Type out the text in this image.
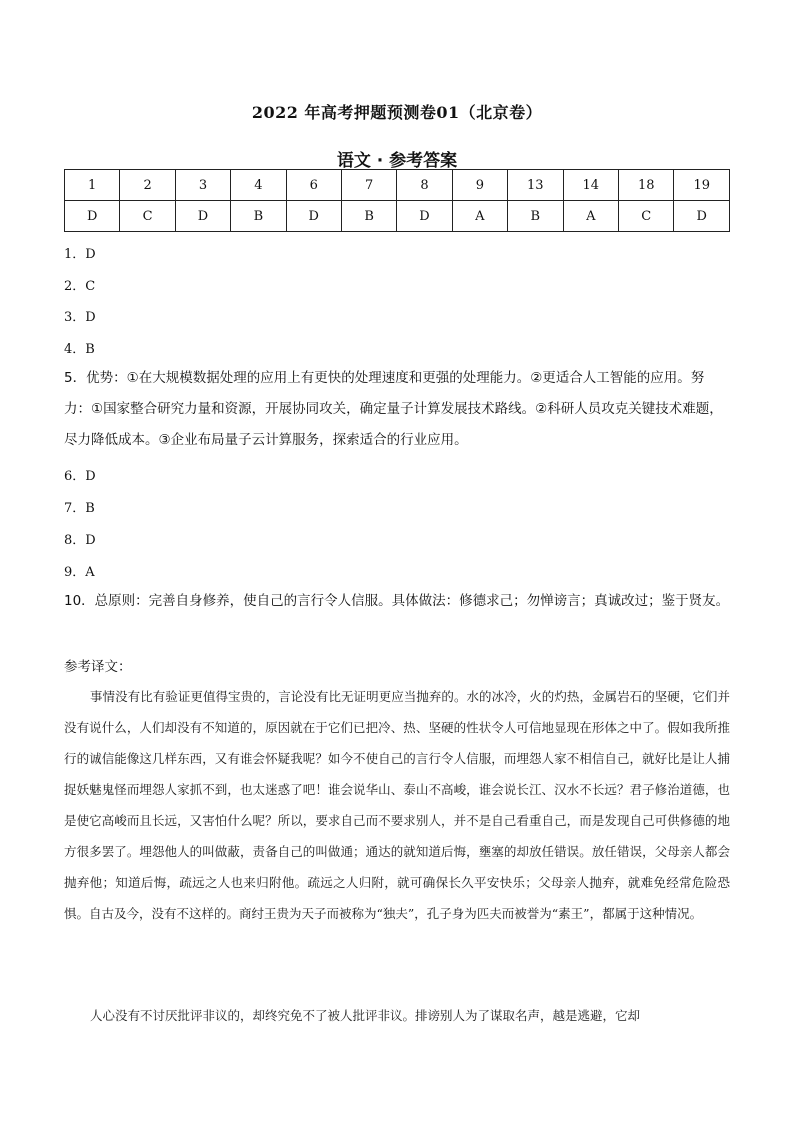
2022 年高考押题预测卷01（北京卷）
语文 · 参考答案
1	2	3	4	6	7	8	9	13	14	18	19
D	C	D	B	D	B	D	A	B	A	C	D
1．D
2．C
3．D
4．B
5．优势：①在大规模数据处理的应用上有更快的处理速度和更强的处理能力。②更适合人工智能的应用。努力：①国家整合研究力量和资源，开展协同攻关，确定量子计算发展技术路线。②科研人员攻克关键技术难题，尽力降低成本。③企业布局量子云计算服务，探索适合的行业应用。
6．D
7．B
8．D
9．A
10．总原则：完善自身修养，使自己的言行令人信服。具体做法：修德求己；勿惮谤言；真诚改过；鉴于贤友。
参考译文：
事情没有比有验证更值得宝贵的，言论没有比无证明更应当抛弃的。水的冰冷，火的灼热，金属岩石的坚硬，它们并没有说什么，人们却没有不知道的，原因就在于它们已把冷、热、坚硬的性状令人可信地显现在形体之中了。假如我所推行的诚信能像这几样东西，又有谁会怀疑我呢？如今不使自己的言行令人信服，而埋怨人家不相信自己，就好比是让人捕捉妖魅鬼怪而埋怨人家抓不到，也太迷惑了吧！谁会说华山、泰山不高峻，谁会说长江、汉水不长远？君子修治道德，也是使它高峻而且长远，又害怕什么呢？所以，要求自己而不要求别人，并不是自己看重自己，而是发现自己可供修德的地方很多罢了。埋怨他人的叫做蔽，责备自己的叫做通；通达的就知道后悔，壅塞的却放任错误。放任错误，父母亲人都会抛弃他；知道后悔，疏远之人也来归附他。疏远之人归附，就可确保长久平安快乐；父母亲人抛弃，就难免经常危险恐惧。自古及今，没有不这样的。商纣王贵为天子而被称为“独夫”，孔子身为匹夫而被誉为“素王”，都属于这种情况。
人心没有不讨厌批评非议的，却终究免不了被人批评非议。排谤别人为了谋取名声，越是逃避，它却
